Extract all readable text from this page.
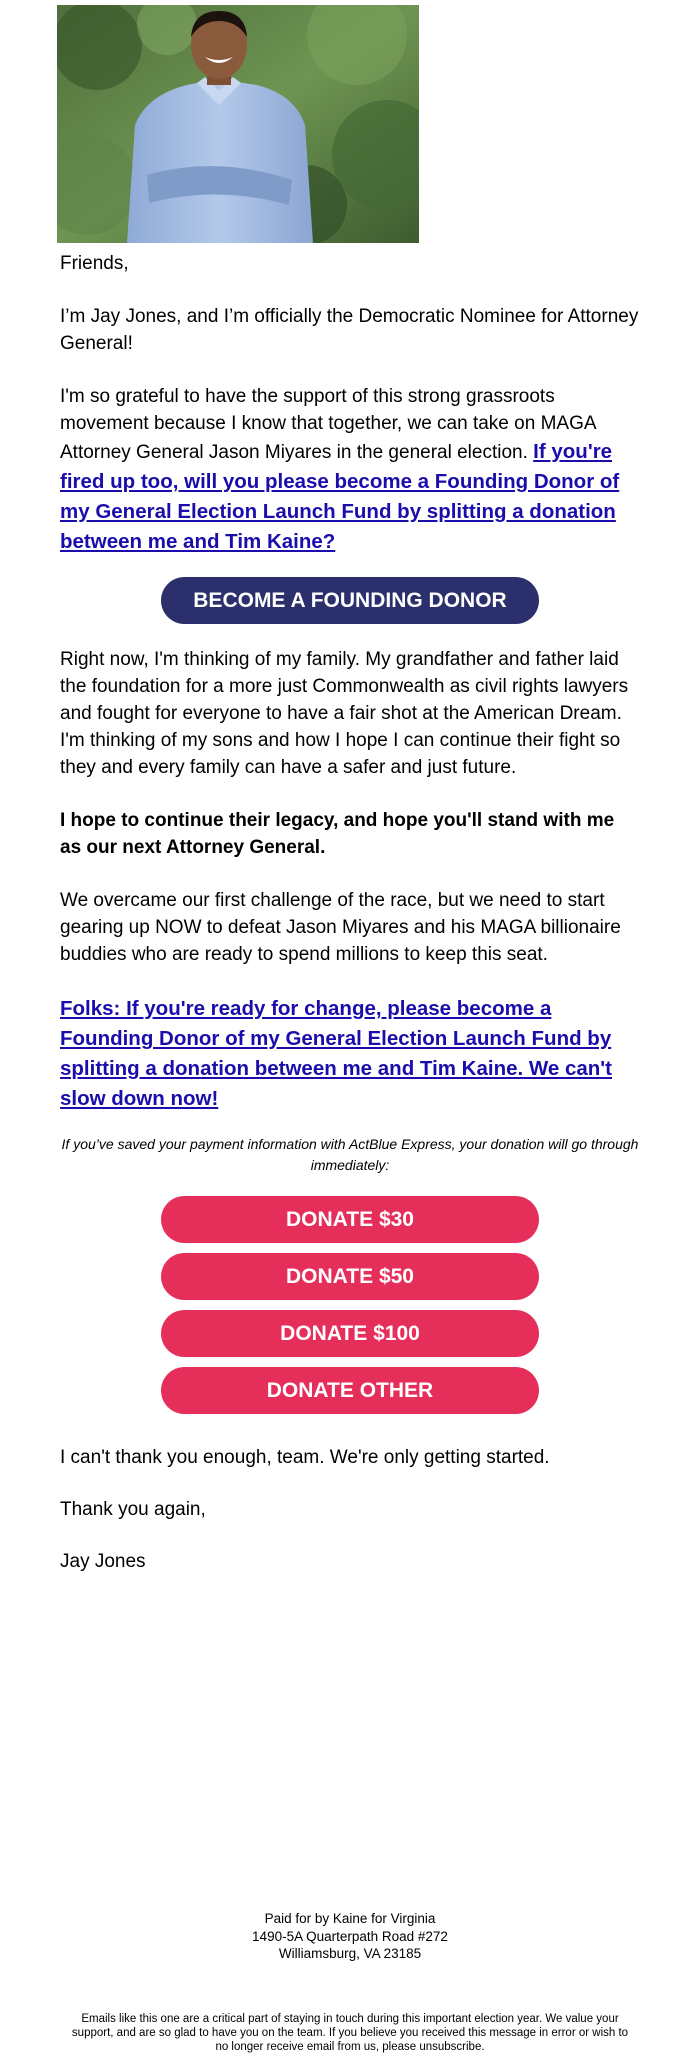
Friends,

I’m Jay Jones, and I’m officially the Democratic Nominee for Attorney General!

I'm so grateful to have the support of this strong grassroots movement because I know that together, we can take on MAGA Attorney General Jason Miyares in the general election. If you're fired up too, will you please become a Founding Donor of my General Election Launch Fund by splitting a donation between me and Tim Kaine?

BECOME A FOUNDING DONOR

Right now, I'm thinking of my family. My grandfather and father laid the foundation for a more just Commonwealth as civil rights lawyers and fought for everyone to have a fair shot at the American Dream. I'm thinking of my sons and how I hope I can continue their fight so they and every family can have a safer and just future.

I hope to continue their legacy, and hope you'll stand with me as our next Attorney General.

We overcame our first challenge of the race, but we need to start gearing up NOW to defeat Jason Miyares and his MAGA billionaire buddies who are ready to spend millions to keep this seat.

Folks: If you're ready for change, please become a Founding Donor of my General Election Launch Fund by splitting a donation between me and Tim Kaine. We can't slow down now!

If you’ve saved your payment information with ActBlue Express, your donation will go through immediately:

DONATE $30
DONATE $50
DONATE $100
DONATE OTHER

I can't thank you enough, team. We're only getting started.

Thank you again,

Jay Jones

Paid for by Kaine for Virginia
1490-5A Quarterpath Road #272
Williamsburg, VA 23185
Emails like this one are a critical part of staying in touch during this important election year. We value your support, and are so glad to have you on the team. If you believe you received this message in error or wish to no longer receive email from us, please unsubscribe.
